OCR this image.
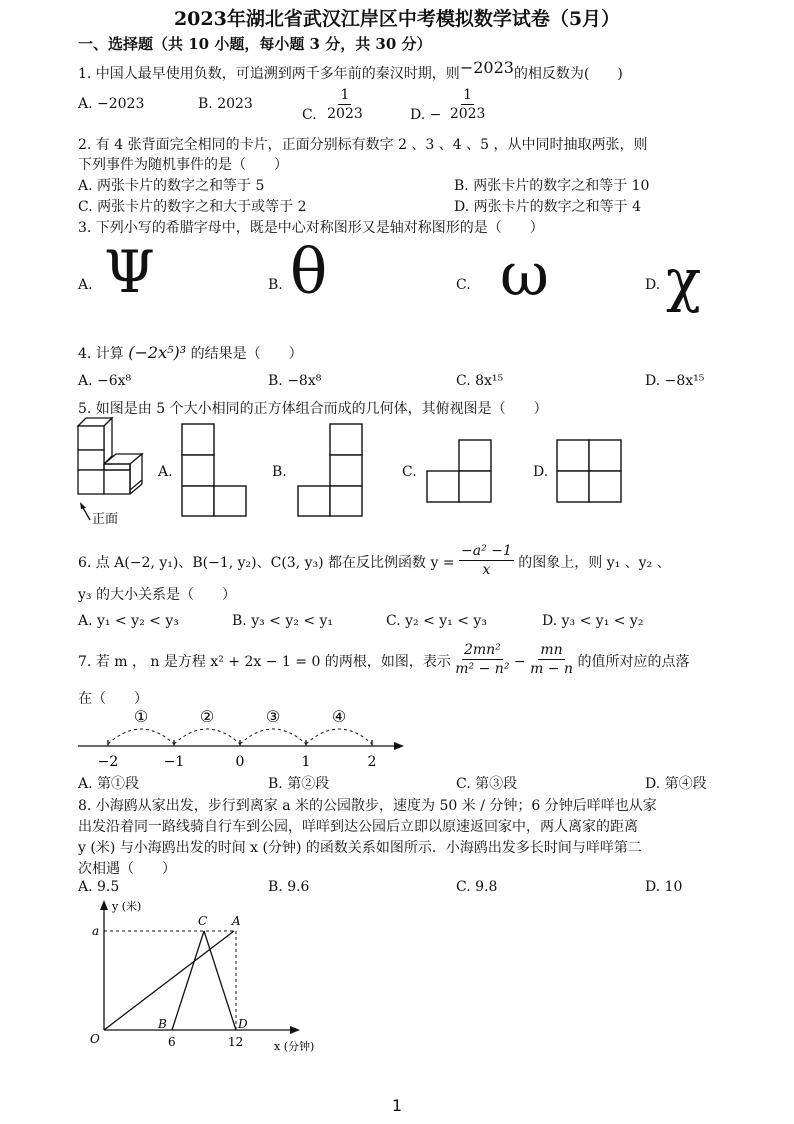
2023年湖北省武汉江岸区中考模拟数学试卷（5月）
一、选择题（共 10 小题，每小题 3 分，共 30 分）
1. 中国人最早使用负数，可追溯到两千多年前的秦汉时期，则−2023的相反数为(　　)
A. −2023	B. 2023
C. $\frac{1}{2023}$	D. − $\frac{1}{2023}$
2. 有 4 张背面完全相同的卡片，正面分别标有数字 2 、3 、4 、5 ，从中同时抽取两张，则
下列事件为随机事件的是（　　）
A. 两张卡片的数字之和等于 5	B. 两张卡片的数字之和等于 10
C. 两张卡片的数字之和大于或等于 2	D. 两张卡片的数字之和等于 4
3. 下列小写的希腊字母中，既是中心对称图形又是轴对称图形的是（　　）
A. Ψ	B. θ	C. ω	D. χ
4. 计算 (−2x⁵)³ 的结果是（　　）
A. −6x⁸	B. −8x⁸	C. 8x¹⁵	D. −8x¹⁵
5. 如图是由 5 个大小相同的正方体组合而成的几何体，其俯视图是（　　）
正面
A.	B.	C.	D.
6. 点 A(−2, y₁)、B(−1, y₂)、C(3, y₃) 都在反比例函数 $y = \frac{\text{−a² −1}}{x}$ 的图象上，则 y₁ 、y₂ 、
y₃ 的大小关系是（　　）
A. y₁ < y₂ < y₃	B. y₃ < y₂ < y₁	C. y₂ < y₁ < y₃	D. y₃ < y₁ < y₂
7. 若 m ， n 是方程 x² + 2x − 1 = 0 的两根，如图，表示 $\frac{\text{2mn²}}{\text{m² − n²}} - \frac{mn}{m - n}$ 的值所对应的点落
在（　　）
①	②	③	④
−2	−1	0	1	2
A. 第①段	B. 第②段	C. 第③段	D. 第④段
8. 小海鸥从家出发，步行到离家 a 米的公园散步，速度为 50 米 / 分钟；6 分钟后咩咩也从家
出发沿着同一路线骑自行车到公园，咩咩到达公园后立即以原速返回家中，两人离家的距离
y (米) 与小海鸥出发的时间 x (分钟) 的函数关系如图所示．小海鸥出发多长时间与咩咩第二
次相遇（　　）
A. 9.5	B. 9.6	C. 9.8	D. 10
y (米)
x (分钟)
O
a
B
C A
D
6	12
1
